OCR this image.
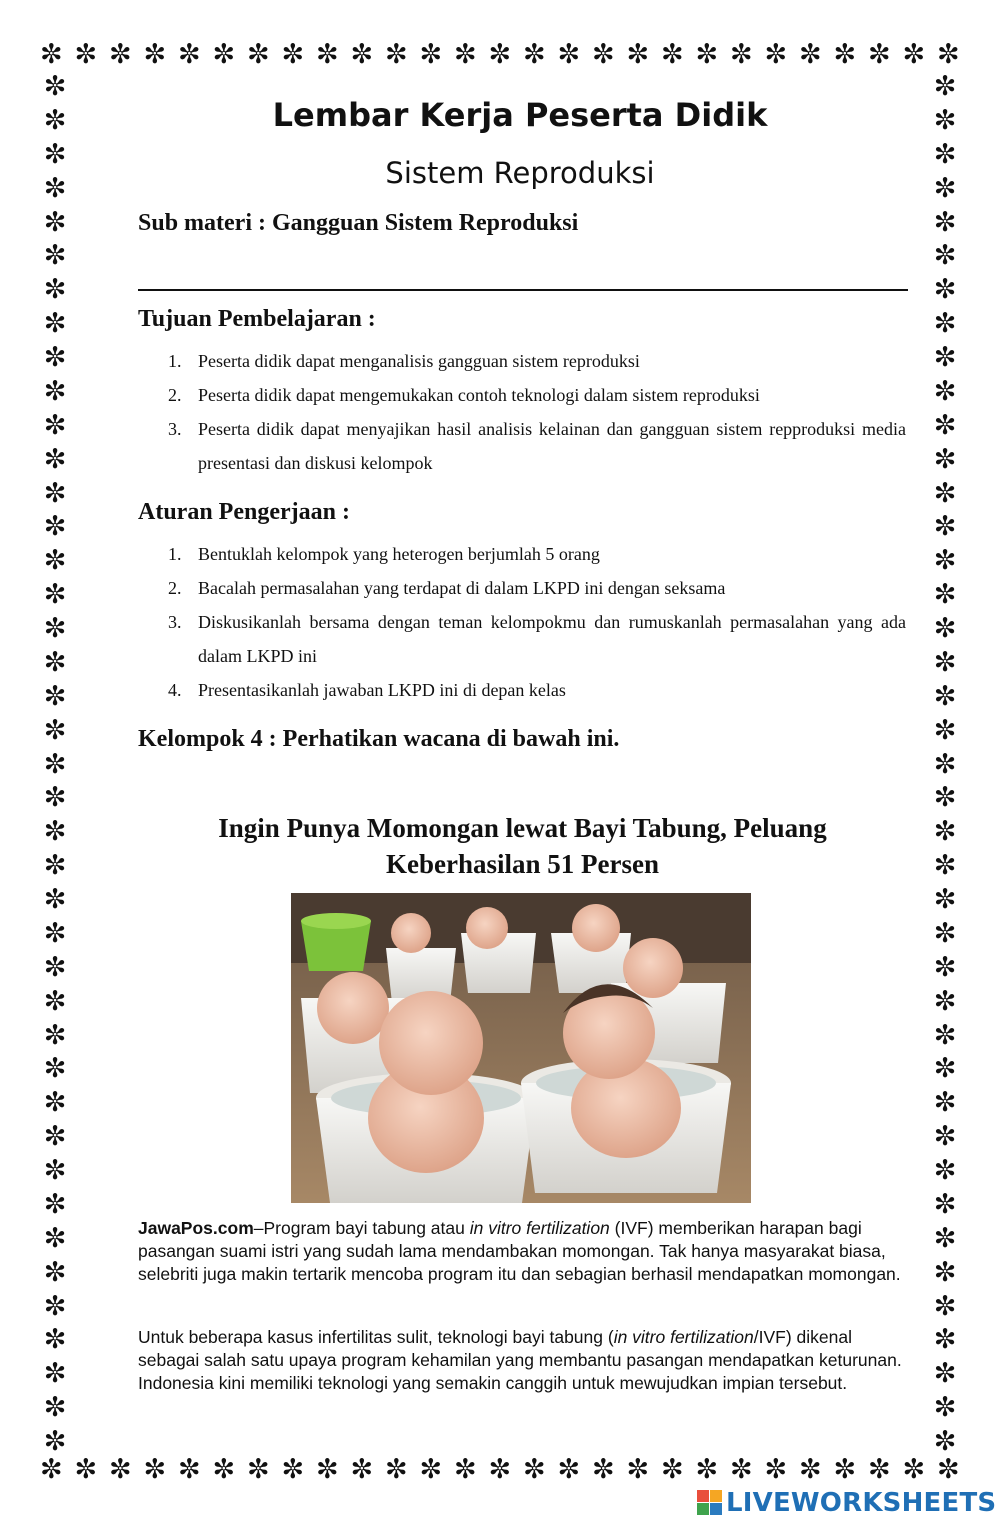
✼ ✼ ✼ ✼ ✼ ✼ ✼ ✼ ✼ ✼ ✼ ✼ ✼ ✼ ✼ ✼ ✼ ✼ ✼ ✼ ✼ ✼ ✼ ✼ ✼ ✼ ✼
✼ ✼ ✼ ✼ ✼ ✼ ✼ ✼ ✼ ✼ ✼ ✼ ✼ ✼ ✼ ✼ ✼ ✼ ✼ ✼ ✼ ✼ ✼ ✼ ✼ ✼ ✼
✼
✼
✼
✼
✼
✼
✼
✼
✼
✼
✼
✼
✼
✼
✼
✼
✼
✼
✼
✼
✼
✼
✼
✼
✼
✼
✼
✼
✼
✼
✼
✼
✼
✼
✼
✼
✼
✼
✼
✼
✼
✼
✼
✼
✼
✼
✼
✼
✼
✼
✼
✼
✼
✼
✼
✼
✼
✼
✼
✼
✼
✼
✼
✼
✼
✼
✼
✼
✼
✼
✼
✼
✼
✼
✼
✼
✼
✼
✼
✼
✼
✼
Lembar Kerja Peserta Didik
Sistem Reproduksi
Sub materi : Gangguan Sistem Reproduksi
Tujuan Pembelajaran :
1. Peserta didik dapat menganalisis gangguan sistem reproduksi
2. Peserta didik dapat mengemukakan contoh teknologi dalam sistem reproduksi
3. Peserta didik dapat menyajikan hasil analisis kelainan dan gangguan sistem repproduksi media presentasi dan diskusi kelompok
Aturan Pengerjaan :
1. Bentuklah kelompok yang heterogen berjumlah 5 orang
2. Bacalah permasalahan yang terdapat di dalam LKPD ini dengan seksama
3. Diskusikanlah bersama dengan teman kelompokmu dan rumuskanlah permasalahan yang ada dalam LKPD ini
4. Presentasikanlah jawaban LKPD ini di depan kelas
Kelompok 4 : Perhatikan wacana di bawah ini.
Ingin Punya Momongan lewat Bayi Tabung, Peluang
Keberhasilan 51 Persen

JawaPos.com–Program bayi tabung atau in vitro fertilization (IVF) memberikan harapan bagi pasangan suami istri yang sudah lama mendambakan momongan. Tak hanya masyarakat biasa, selebriti juga makin tertarik mencoba program itu dan sebagian berhasil mendapatkan momongan.

Untuk beberapa kasus infertilitas sulit, teknologi bayi tabung (in vitro fertilization/IVF) dikenal sebagai salah satu upaya program kehamilan yang membantu pasangan mendapatkan keturunan. Indonesia kini memiliki teknologi yang semakin canggih untuk mewujudkan impian tersebut.

LIVEWORKSHEETS
